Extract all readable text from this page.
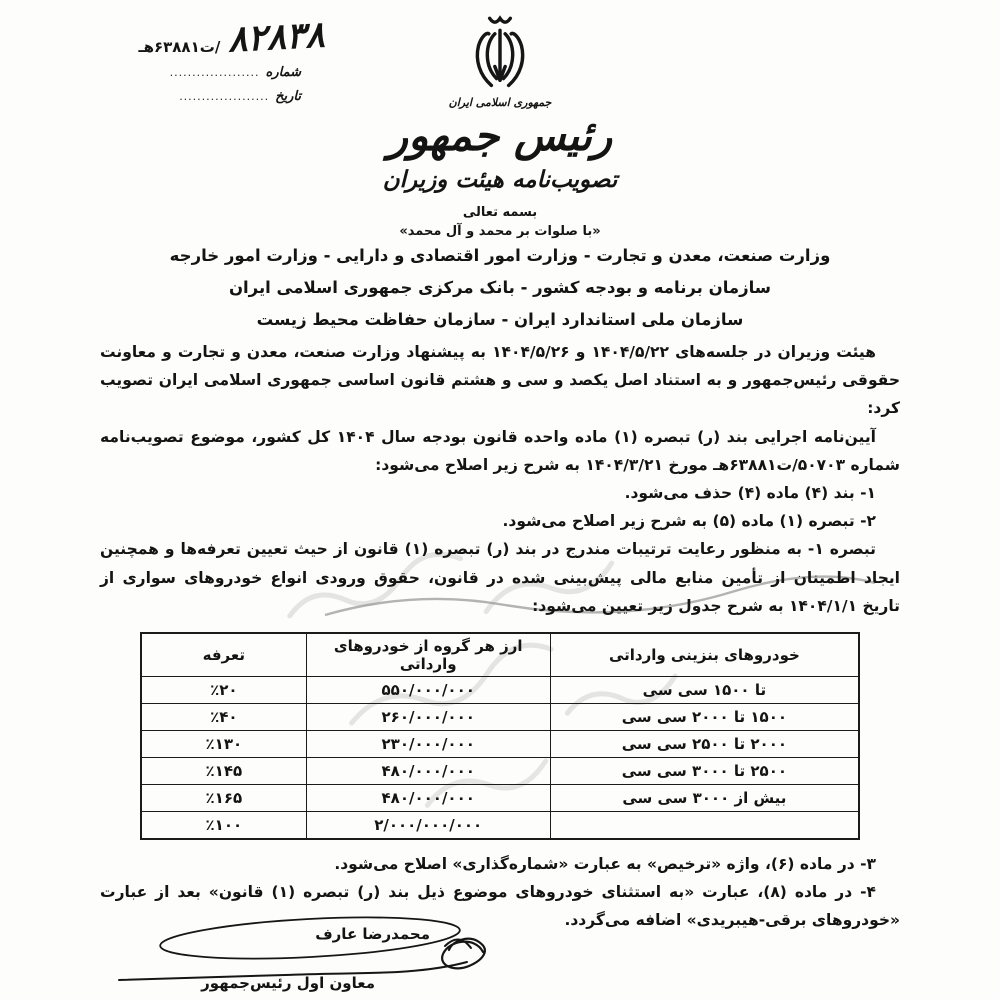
۸۲۸۳۸
/ت۶۳۸۸۱هـ
شماره
....................
تاریخ
....................	جمهوری اسلامی ایران
رئیس جمهور
تصویب‌نامه هیئت وزیران
بسمه تعالی
«با صلوات بر محمد و آل محمد»
وزارت صنعت، معدن و تجارت - وزارت امور اقتصادی و دارایی - وزارت امور خارجه
سازمان برنامه و بودجه کشور - بانک مرکزی جمهوری اسلامی ایران
سازمان ملی استاندارد ایران - سازمان حفاظت محیط زیست

هیئت وزیران در جلسه‌های ۱۴۰۴/۵/۲۲ و ۱۴۰۴/۵/۲۶ به پیشنهاد وزارت صنعت، معدن و تجارت و معاونت حقوقی رئیس‌جمهور و به استناد اصل یکصد و سی و هشتم قانون اساسی جمهوری اسلامی ایران تصویب کرد:

آیین‌نامه اجرایی بند (ر) تبصره (۱) ماده واحده قانون بودجه سال ۱۴۰۴ کل کشور، موضوع تصویب‌نامه شماره ۵۰۷۰۳/ت۶۳۸۸۱هـ مورخ ۱۴۰۴/۳/۲۱ به شرح زیر اصلاح می‌شود:

۱- بند (۴) ماده (۴) حذف می‌شود.

۲- تبصره (۱) ماده (۵) به شرح زیر اصلاح می‌شود.

تبصره ۱- به منظور رعایت ترتیبات مندرج در بند (ر) تبصره (۱) قانون از حیث تعیین تعرفه‌ها و همچنین ایجاد اطمینان از تأمین منابع مالی پیش‌بینی شده در قانون، حقوق ورودی انواع خودروهای سواری از تاریخ ۱۴۰۴/۱/۱ به شرح جدول زیر تعیین می‌شود:

خودروهای بنزینی وارداتی	ارز هر گروه از خودروهای وارداتی	تعرفه
تا ۱۵۰۰ سی سی	۵۵۰/۰۰۰/۰۰۰	٪۲۰
۱۵۰۰ تا ۲۰۰۰ سی سی	۲۶۰/۰۰۰/۰۰۰	٪۴۰
۲۰۰۰ تا ۲۵۰۰ سی سی	۲۳۰/۰۰۰/۰۰۰	٪۱۳۰
۲۵۰۰ تا ۳۰۰۰ سی سی	۴۸۰/۰۰۰/۰۰۰	٪۱۴۵
بیش از ۳۰۰۰ سی سی	۴۸۰/۰۰۰/۰۰۰	٪۱۶۵
	۲/۰۰۰/۰۰۰/۰۰۰	٪۱۰۰

۳- در ماده (۶)، واژه «ترخیص» به عبارت «شماره‌گذاری» اصلاح می‌شود.

۴- در ماده (۸)، عبارت «به استثنای خودروهای موضوع ذیل بند (ر) تبصره (۱) قانون» بعد از عبارت «خودروهای برقی-هیبریدی» اضافه می‌گردد.

محمدرضا عارف
معاون اول رئیس‌جمهور
